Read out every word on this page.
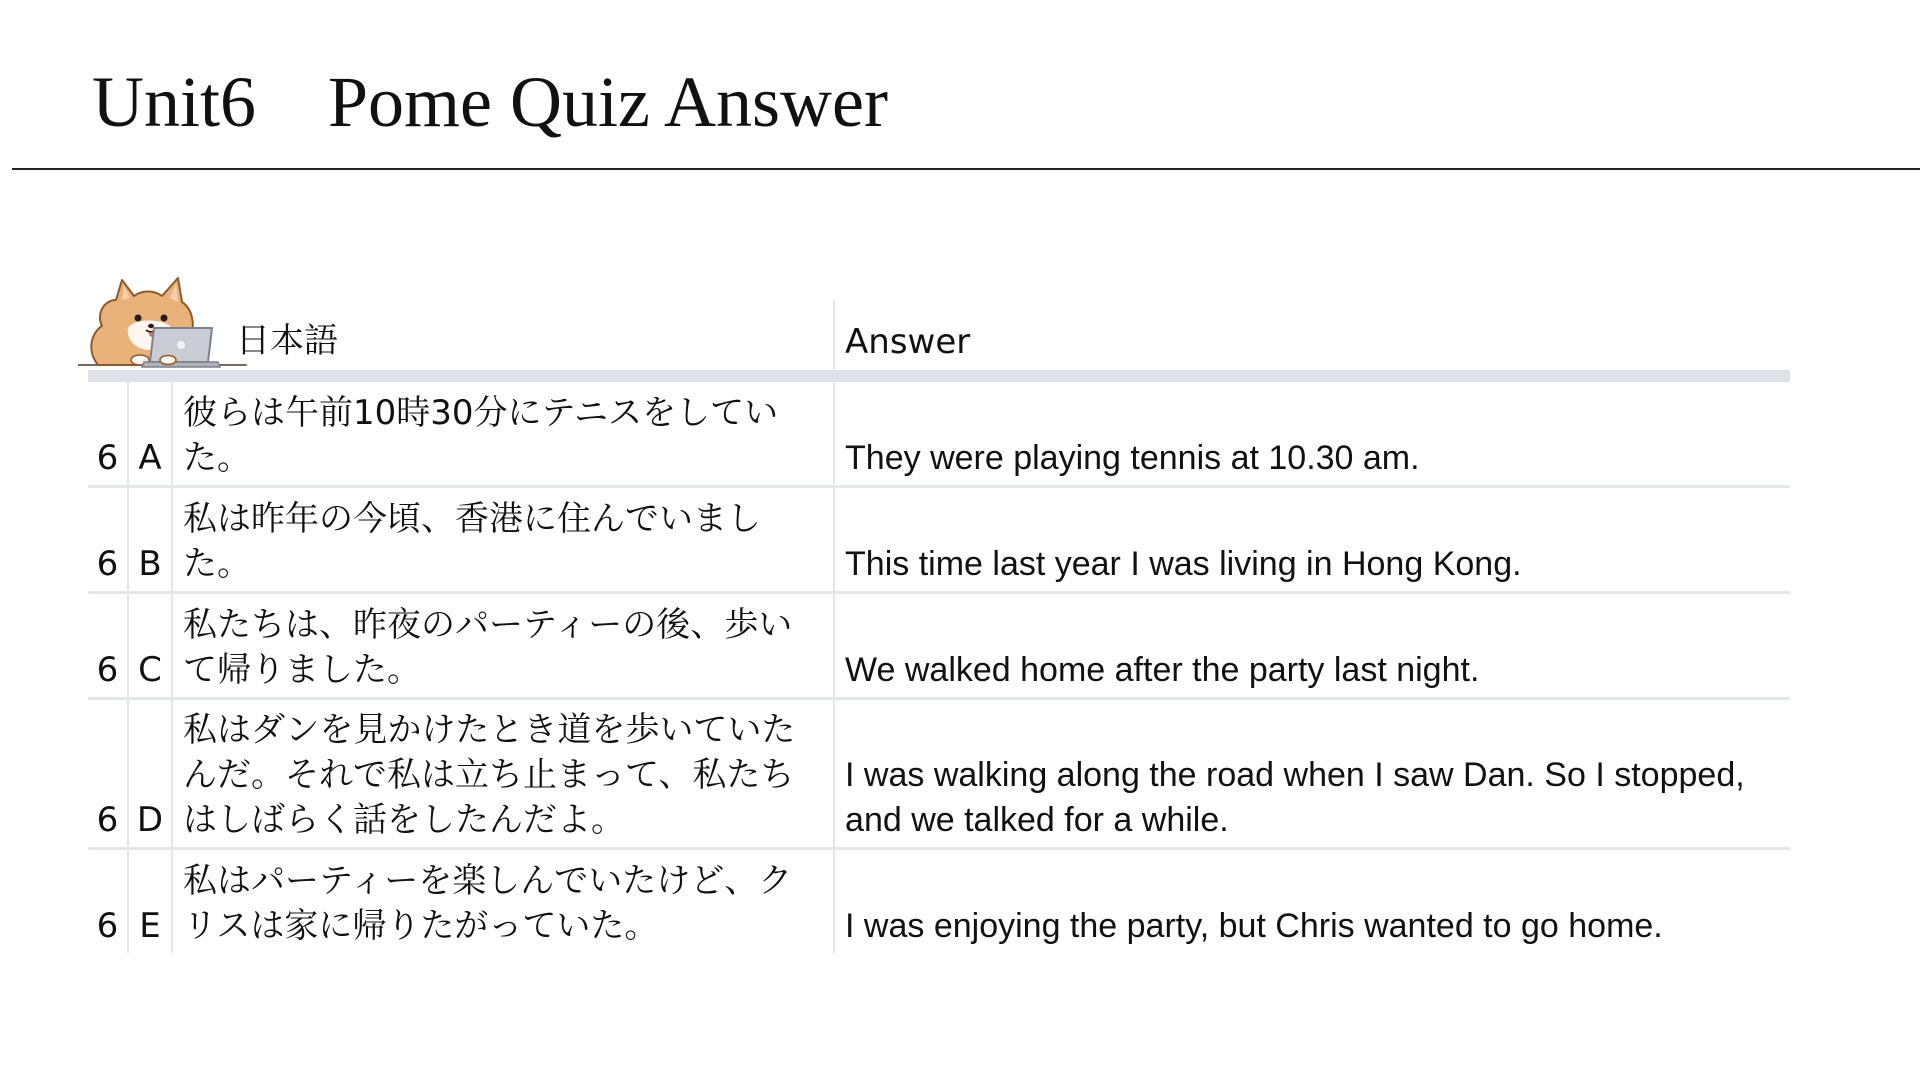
Unit6　Pome Quiz Answer
日本語			Answer
6	A	彼らは午前10時30分にテニスをしていた。	They were playing tennis at 10.30 am.
6	B	私は昨年の今頃、香港に住んでいました。	This time last year I was living in Hong Kong.
6	C	私たちは、昨夜のパーティーの後、歩いて帰りました。	We walked home after the party last night.
6	D	私はダンを見かけたとき道を歩いていたんだ。それで私は立ち止まって、私たちはしばらく話をしたんだよ。	I was walking along the road when I saw Dan. So I stopped, and we talked for a while.
6	E	私はパーティーを楽しんでいたけど、クリスは家に帰りたがっていた。	I was enjoying the party, but Chris wanted to go home.
